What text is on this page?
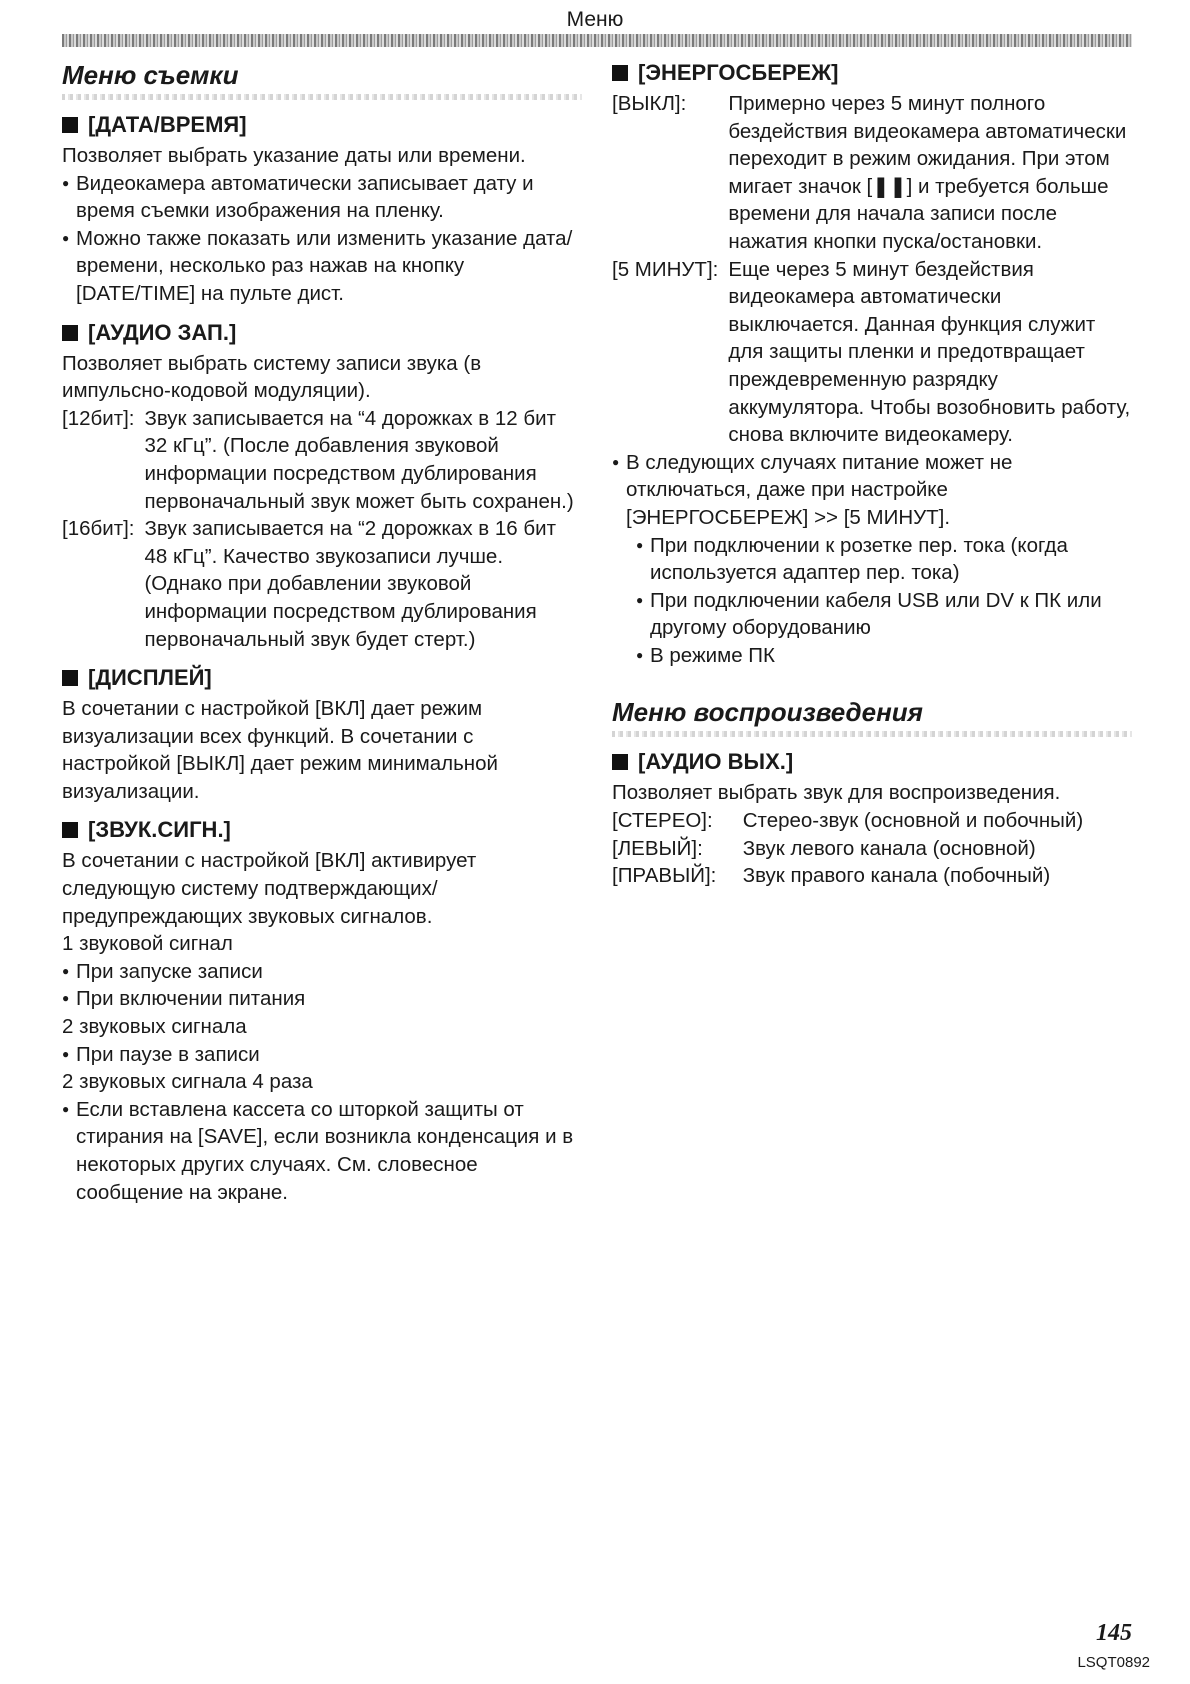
Меню
Меню съемки
[ДАТА/ВРЕМЯ]

Позволяет выбрать указание даты или времени.

● Видеокамера автоматически записывает дату и время съемки изображения на пленку.

● Можно также показать или изменить указание дата/времени, несколько раз нажав на кнопку [DATE/TIME] на пульте дист.

[АУДИО ЗАП.]

Позволяет выбрать систему записи звука (в импульсно-кодовой модуляции).

[12бит]:	Звук записывается на “4 дорожках в 12 бит 32 кГц”. (После добавления звуковой информации посредством дублирования первоначальный звук может быть сохранен.)
[16бит]:	Звук записывается на “2 дорожках в 16 бит 48 кГц”. Качество звукозаписи лучше. (Однако при добавлении звуковой информации посредством дублирования первоначальный звук будет стерт.)
[ДИСПЛЕЙ]

В сочетании с настройкой [ВКЛ] дает режим визуализации всех функций. В сочетании с настройкой [ВЫКЛ] дает режим минимальной визуализации.

[ЗВУК.СИГН.]

В сочетании с настройкой [ВКЛ] активирует следующую систему подтверждающих/ предупреждающих звуковых сигналов.

1 звуковой сигнал

● При запуске записи

● При включении питания

2 звуковых сигнала

● При паузе в записи

2 звуковых сигнала 4 раза

● Если вставлена кассета со шторкой защиты от стирания на [SAVE], если возникла конденсация и в некоторых других случаях. См. словесное сообщение на экране.

[ЭНЕРГОСБЕРЕЖ]
[ВЫКЛ]:	Примерно через 5 минут полного бездействия видеокамера автоматически переходит в режим ожидания. При этом мигает значок [❚❚] и требуется больше времени для начала записи после нажатия кнопки пуска/остановки.
[5 МИНУТ]:	Еще через 5 минут бездействия видеокамера автоматически выключается. Данная функция служит для защиты пленки и предотвращает преждевременную разрядку аккумулятора. Чтобы возобновить работу, снова включите видеокамеру.

● В следующих случаях питание может не отключаться, даже при настройке [ЭНЕРГОСБЕРЕЖ] >> [5 МИНУТ].

● При подключении к розетке пер. тока (когда используется адаптер пер. тока)

● При подключении кабеля USB или DV к ПК или другому оборудованию

● В режиме ПК

Меню воспроизведения
[АУДИО ВЫХ.]

Позволяет выбрать звук для воспроизведения.

[СТЕРЕО]:	Стерео-звук (основной и побочный)
[ЛЕВЫЙ]:	Звук левого канала (основной)
[ПРАВЫЙ]:	Звук правого канала (побочный)
145
LSQT0892
